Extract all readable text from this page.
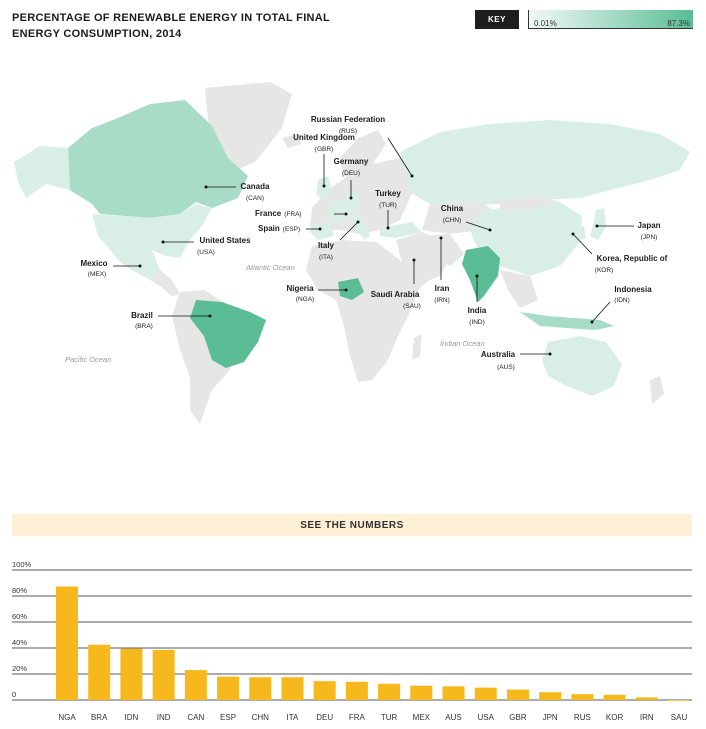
PERCENTAGE OF RENEWABLE ENERGY IN TOTAL FINAL ENERGY CONSUMPTION, 2014
KEY	0.01%	87.3%
Atlantic Ocean
Pacific Ocean
Indian Ocean
Russian Federation
(RUS)
United Kingdom
(GBR)
Germany
(DEU)
Canada
(CAN)
France (FRA)
Spain (ESP)
Turkey
(TUR)	China
(CHN)
Japan
(JPN)
United States
(USA)
Italy
(ITA)
Mexico
(MEX)
Korea, Republic of
(KOR)
Nigeria
(NGA)
Saudi Arabia
(SAU)
Iran
(IRN)
Indonesia
(IDN)
India
(IND)
Brazil
(BRA)
Australia
(AUS)
SEE THE NUMBERS
0
20%
40%
60%
80%
100%
NGA BRA IDN IND CAN ESP CHN ITA DEU FRA TUR MEX AUS USA GBR JPN RUS KOR IRN SAU
